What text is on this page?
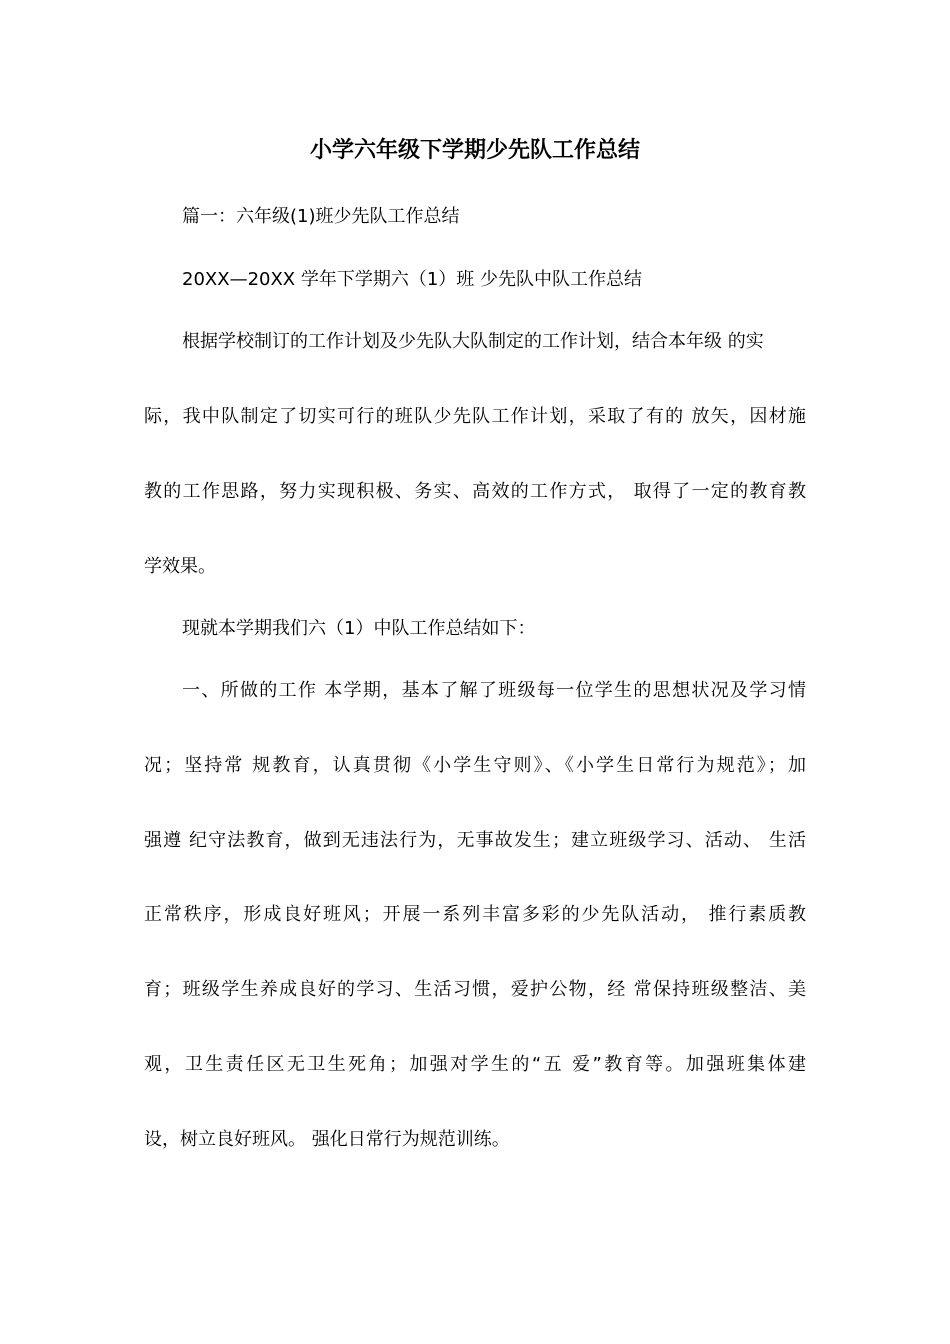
小学六年级下学期少先队工作总结
篇一：六年级(1)班少先队工作总结
20XX—20XX 学年下学期六（1）班 少先队中队工作总结
根据学校制订的工作计划及少先队大队制定的工作计划，结合本年级 的实
际，我中队制定了切实可行的班队少先队工作计划，采取了有的 放矢，因材施
教的工作思路，努力实现积极、务实、高效的工作方式， 取得了一定的教育教
学效果。
现就本学期我们六（1）中队工作总结如下：
一、所做的工作 本学期，基本了解了班级每一位学生的思想状况及学习情
况；坚持常 规教育，认真贯彻《小学生守则》、《小学生日常行为规范》；加
强遵 纪守法教育，做到无违法行为，无事故发生；建立班级学习、活动、 生活
正常秩序，形成良好班风；开展一系列丰富多彩的少先队活动， 推行素质教
育；班级学生养成良好的学习、生活习惯，爱护公物，经 常保持班级整洁、美
观，卫生责任区无卫生死角；加强对学生的“五 爱”教育等。加强班集体建
设，树立良好班风。 强化日常行为规范训练。
